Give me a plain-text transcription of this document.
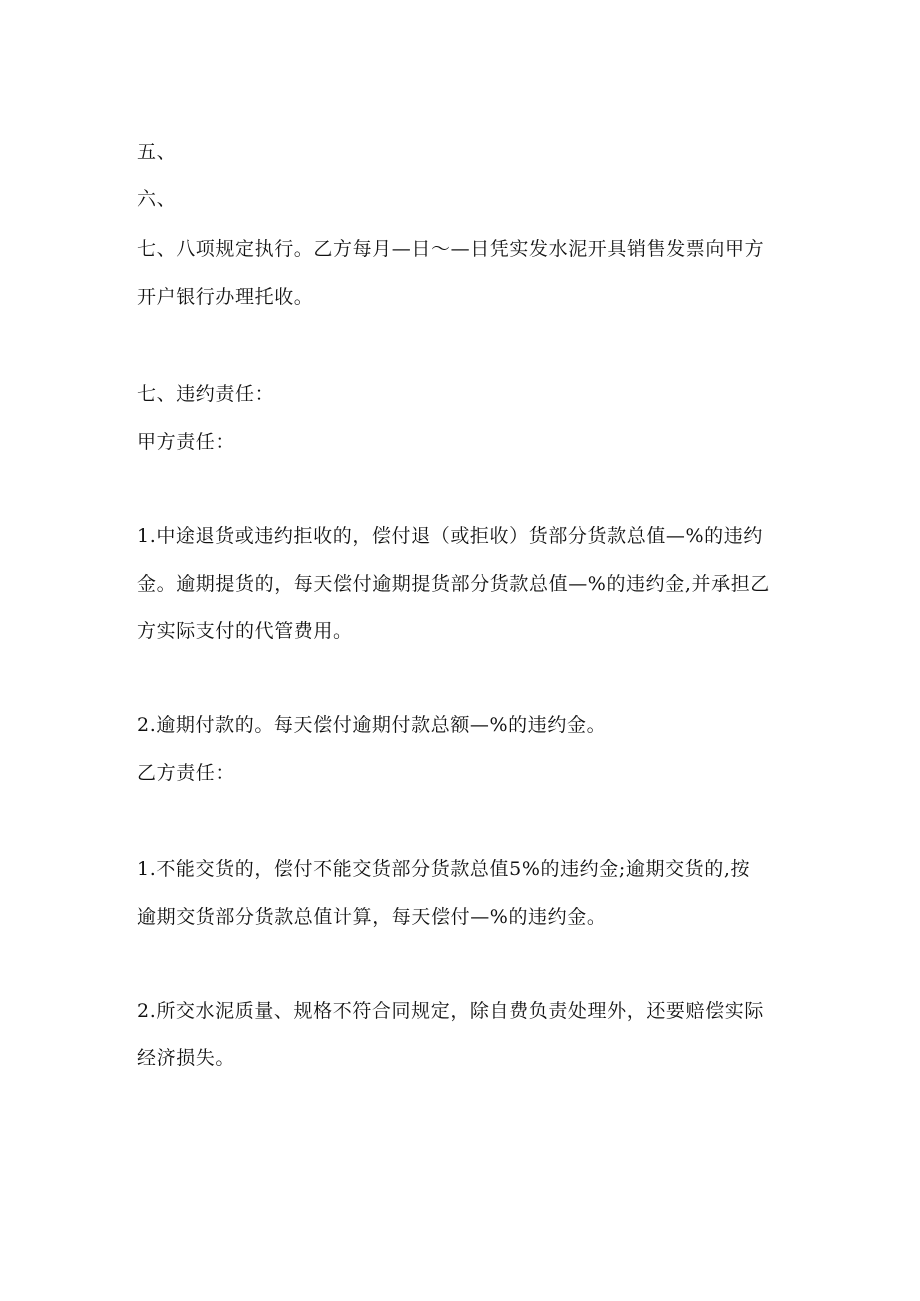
五、
六、
七、八项规定执行。乙方每月—日～—日凭实发水泥开具销售发票向甲方
开户银行办理托收。
七、违约责任：
甲方责任：
1.中途退货或违约拒收的，偿付退（或拒收）货部分货款总值—%的违约
金。逾期提货的，每天偿付逾期提货部分货款总值—%的违约金,并承担乙
方实际支付的代管费用。
2.逾期付款的。每天偿付逾期付款总额—%的违约金。
乙方责任：
1.不能交货的，偿付不能交货部分货款总值5%的违约金;逾期交货的,按
逾期交货部分货款总值计算，每天偿付—%的违约金。
2.所交水泥质量、规格不符合同规定，除自费负责处理外，还要赔偿实际
经济损失。
